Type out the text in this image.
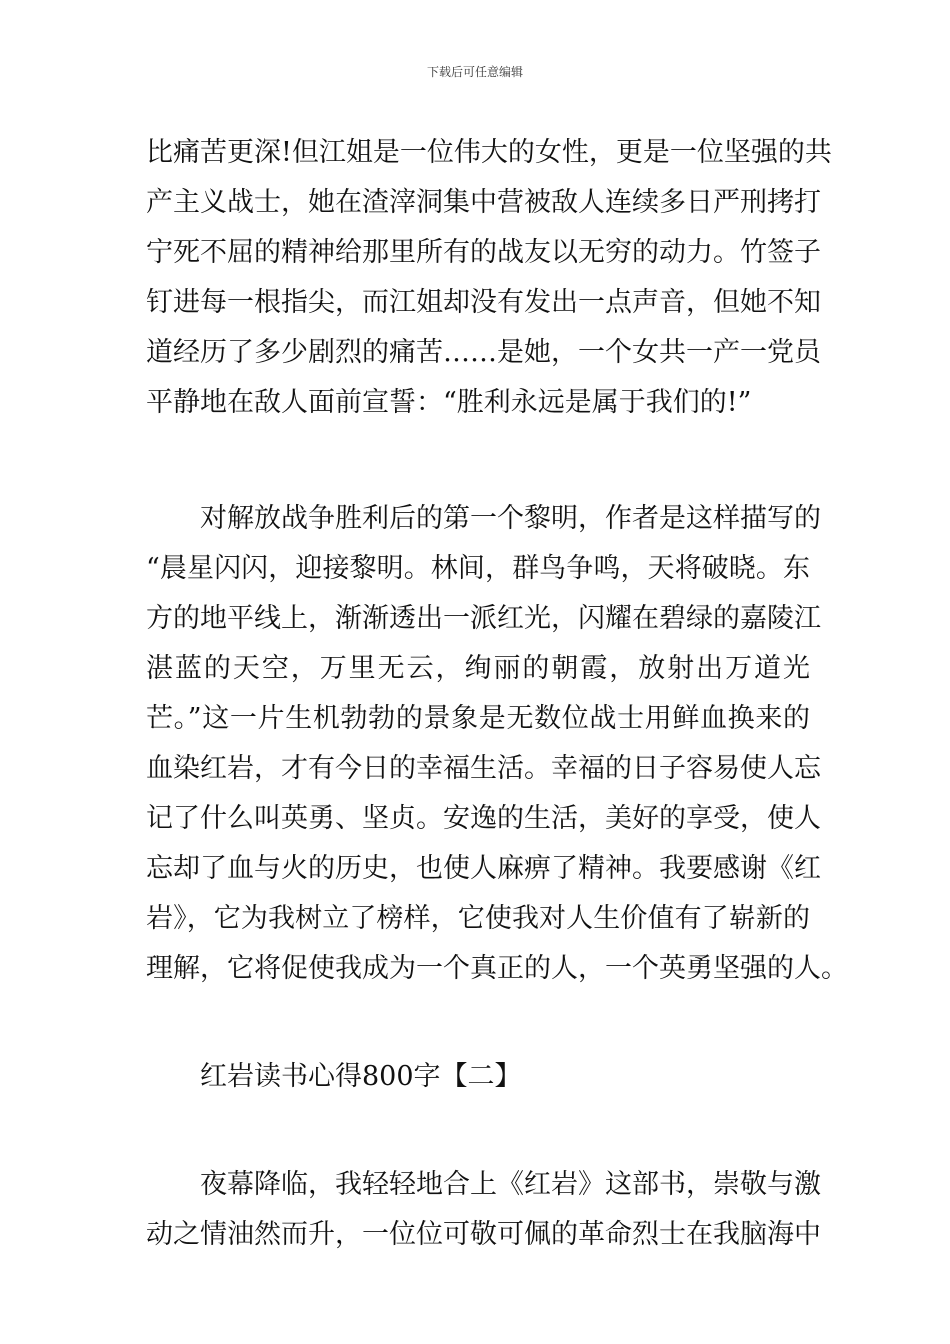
下载后可任意编辑
比痛苦更深!但江姐是一位伟大的女性，更是一位坚强的共
产主义战士，她在渣滓洞集中营被敌人连续多日严刑拷打
宁死不屈的精神给那里所有的战友以无穷的动力。竹签子
钉进每一根指尖，而江姐却没有发出一点声音，但她不知
道经历了多少剧烈的痛苦……是她，一个女共一产一党员
平静地在敌人面前宣誓：“胜利永远是属于我们的!”
对解放战争胜利后的第一个黎明，作者是这样描写的
“晨星闪闪，迎接黎明。林间，群鸟争鸣，天将破晓。东
方的地平线上，渐渐透出一派红光，闪耀在碧绿的嘉陵江
湛蓝的天空，万里无云，绚丽的朝霞，放射出万道光
芒。”这一片生机勃勃的景象是无数位战士用鲜血换来的
血染红岩，才有今日的幸福生活。幸福的日子容易使人忘
记了什么叫英勇、坚贞。安逸的生活，美好的享受，使人
忘却了血与火的历史，也使人麻痹了精神。我要感谢《红
岩》，它为我树立了榜样，它使我对人生价值有了崭新的
理解，它将促使我成为一个真正的人，一个英勇坚强的人。
红岩读书心得800字【二】
夜幕降临，我轻轻地合上《红岩》这部书，崇敬与激
动之情油然而升，一位位可敬可佩的革命烈士在我脑海中
